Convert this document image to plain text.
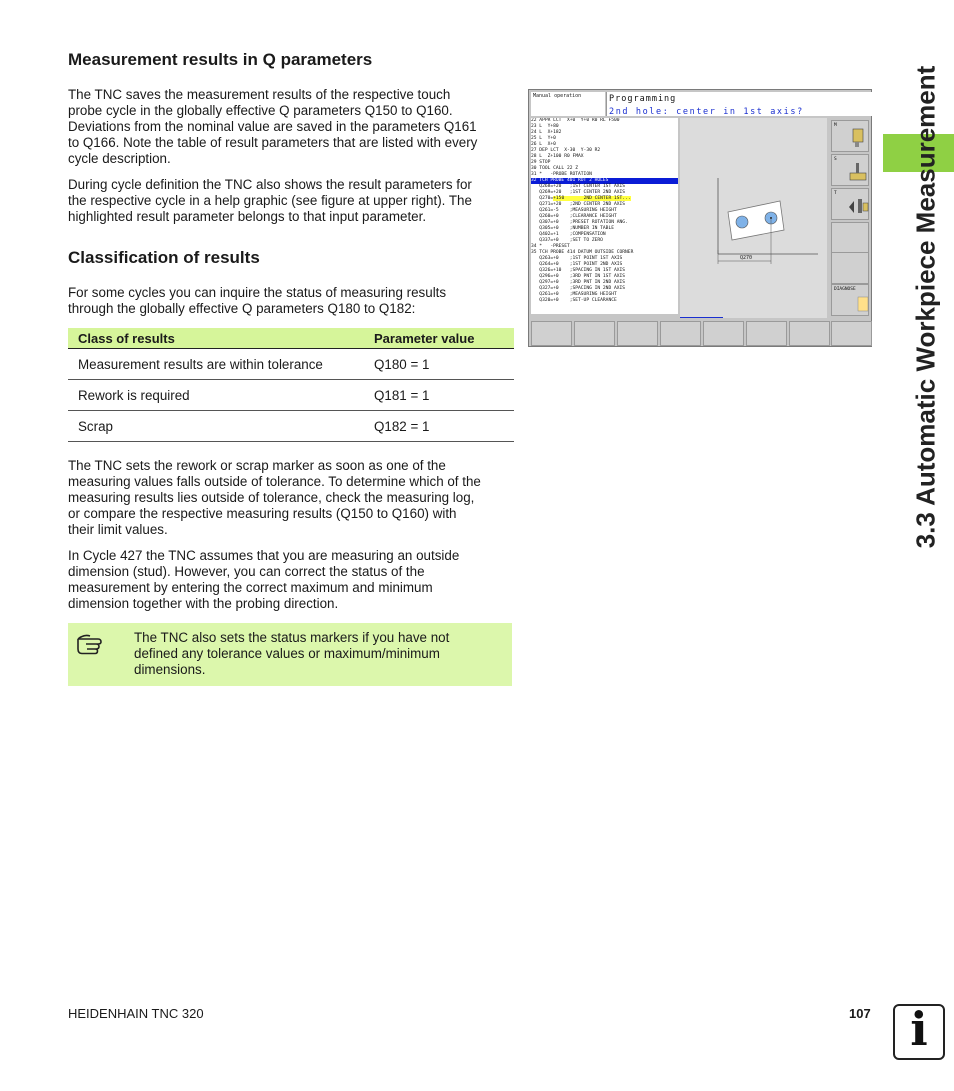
Measurement results in Q parameters

The TNC saves the measurement results of the respective touch
probe cycle in the globally effective Q parameters Q150 to Q160.
Deviations from the nominal value are saved in the parameters Q161
to Q166. Note the table of result parameters that are listed with every
cycle description.

During cycle definition the TNC also shows the result parameters for
the respective cycle in a help graphic (see figure at upper right). The
highlighted result parameter belongs to that input parameter.

Classification of results

For some cycles you can inquire the status of measuring results
through the globally effective Q parameters Q180 to Q182:

Class of results	Parameter value
Measurement results are within tolerance	Q180 = 1
Rework is required	Q181 = 1
Scrap	Q182 = 1

The TNC sets the rework or scrap marker as soon as one of the
measuring values falls outside of tolerance. To determine which of the
measuring results lies outside of tolerance, check the measuring log,
or compare the respective measuring results (Q150 to Q160) with
their limit values.

In Cycle 427 the TNC assumes that you are measuring an outside
dimension (stud). However, you can correct the status of the
measurement by entering the correct maximum and minimum
dimension together with the probing direction.

The TNC also sets the status markers if you have not
defined any tolerance values or maximum/minimum
dimensions.

3.3 Automatic Workpiece Measurement
Manual operation	Programming
2nd hole: center in 1st axis?
22 APPR LCT  X+0  Y+0 R0 RL F500
23 L  Y+80
24 L  X+182
25 L  Y+0
26 L  X+0
27 DEP LCT  X-30  Y-30 R2
28 L  Z+100 R0 FMAX
29 STOP
30 TOOL CALL 22 Z
31 *   -PROBE ROTATION
32 TCH PROBE 401 ROT 2 HOLES
Q268=+20   ;1ST CENTER 1ST AXIS
Q269=+20   ;1ST CENTER 2ND AXIS
Q270=+150       2ND CENTER 1ST...
Q271=+20   ;2ND CENTER 2ND AXIS
Q261=-5    ;MEASURING HEIGHT
Q260=+0    ;CLEARANCE HEIGHT
Q307=+0    ;PRESET ROTATION ANG.
Q305=+0    ;NUMBER IN TABLE
Q402=+1    ;COMPENSATION
Q337=+0    ;SET TO ZERO
34 *   -PRESET
35 TCH PROBE 414 DATUM OUTSIDE CORNER
Q263=+0    ;1ST POINT 1ST AXIS
Q264=+0    ;1ST POINT 2ND AXIS
Q326=+10   ;SPACING IN 1ST AXIS
Q296=+0    ;3RD PNT IN 1ST AXIS
Q297=+0    ;3RD PNT IN 2ND AXIS
Q327=+0    ;SPACING IN 2ND AXIS
Q261=+0    ;MEASURING HEIGHT
Q320=+0    ;SET-UP CLEARANCE
Q270
M
S
T
DIAGNOSE
HEIDENHAIN TNC 320	107 i
